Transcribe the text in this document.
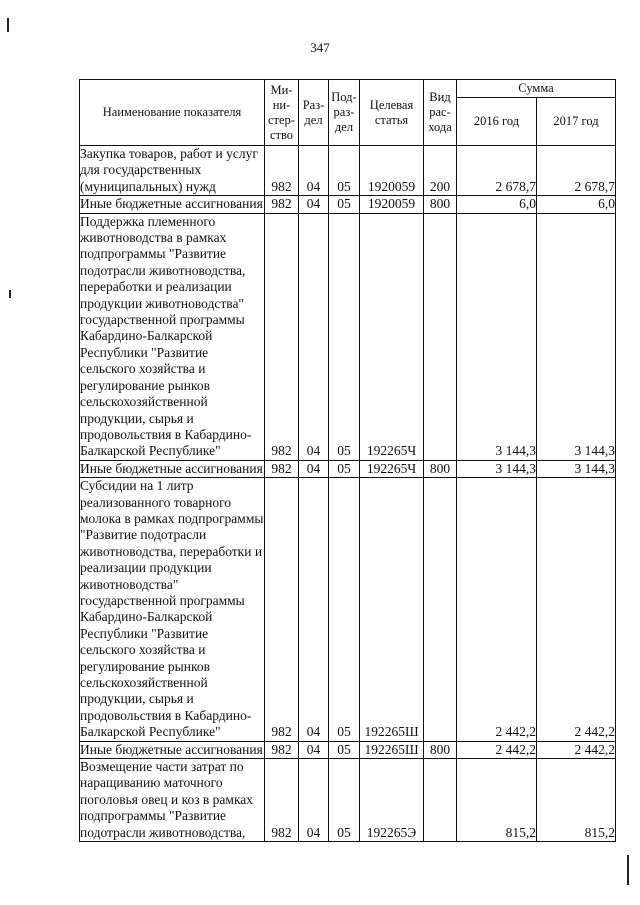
347
Наименование показателя	Ми-
ни-
стер-
ство	Раз-
дел	Под-
раз-
дел	Целевая
статья	Вид
рас-
хода	Сумма	
						2016 год	2017 год
Закупка товаров, работ и услуг для государственных (муниципальных) нужд	982	04	05	1920059	200	2 678,7	2 678,7
Иные бюджетные ассигнования	982	04	05	1920059	800	6,0	6,0
Поддержка племенного животноводства в рамках подпрограммы "Развитие подотрасли животноводства, переработки и реализации продукции животноводства" государственной программы Кабардино-Балкарской Республики "Развитие сельского хозяйства и регулирование рынков сельскохозяйственной продукции, сырья и продовольствия в Кабардино-Балкарской Республике"	982	04	05	192265Ч		3 144,3	3 144,3
Иные бюджетные ассигнования	982	04	05	192265Ч	800	3 144,3	3 144,3
Субсидии на 1 литр реализованного товарного молока в рамках подпрограммы "Развитие подотрасли животноводства, переработки и реализации продукции животноводства" государственной программы Кабардино-Балкарской Республики "Развитие сельского хозяйства и регулирование рынков сельскохозяйственной продукции, сырья и продовольствия в Кабардино-Балкарской Республике"	982	04	05	192265Ш		2 442,2	2 442,2
Иные бюджетные ассигнования	982	04	05	192265Ш	800	2 442,2	2 442,2
Возмещение части затрат по наращиванию маточного поголовья овец и коз в рамках подпрограммы "Развитие подотрасли животноводства,	982	04	05	192265Э		815,2	815,2
